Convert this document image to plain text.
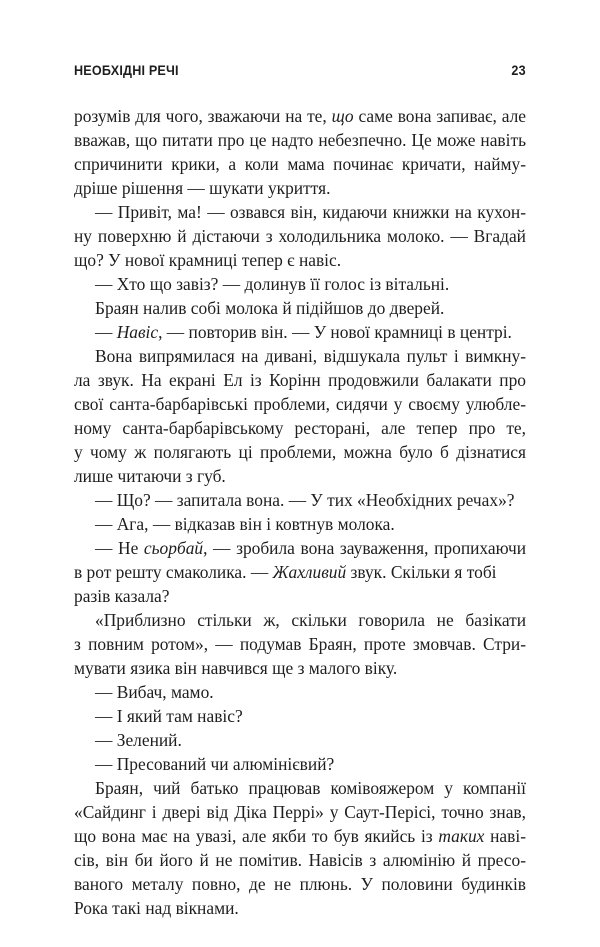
НЕОБХІДНІ РЕЧІ	23
розумів для чого, зважаючи на те, що саме вона запиває, але
вважав, що питати про це надто небезпечно. Це може навіть
спричинити крики, а коли мама починає кричати, найму-
дріше рішення — шукати укриття.
— Привіт, ма! — озвався він, кидаючи книжки на кухон-
ну поверхню й дістаючи з холодильника молоко. — Вгадай
що? У нової крамниці тепер є навіс.
— Хто що завіз? — долинув її голос із вітальні.
Браян налив собі молока й підійшов до дверей.
— Навіс, — повторив він. — У нової крамниці в центрі.
Вона випрямилася на дивані, відшукала пульт і вимкну-
ла звук. На екрані Ел із Корінн продовжили балакати про
свої санта-барбарівські проблеми, сидячи у своєму улюбле-
ному санта-барбарівському ресторані, але тепер про те,
у чому ж полягають ці проблеми, можна було б дізнатися
лише читаючи з губ.
— Що? — запитала вона. — У тих «Необхідних речах»?
— Ага, — відказав він і ковтнув молока.
— Не сьорбай, — зробила вона зауваження, пропихаючи
в рот решту смаколика. — Жахливий звук. Скільки я тобі
разів казала?
«Приблизно стільки ж, скільки говорила не базікати
з повним ротом», — подумав Браян, проте змовчав. Стри-
мувати язика він навчився ще з малого віку.
— Вибач, мамо.
— І який там навіс?
— Зелений.
— Пресований чи алюмінієвий?
Браян, чий батько працював комівояжером у компанії
«Сайдинг і двері від Діка Перрі» у Саут-Перісі, точно знав,
що вона має на увазі, але якби то був якийсь із таких наві-
сів, він би його й не помітив. Навісів з алюмінію й пресо-
ваного металу повно, де не плюнь. У половини будинків
Рока такі над вікнами.
